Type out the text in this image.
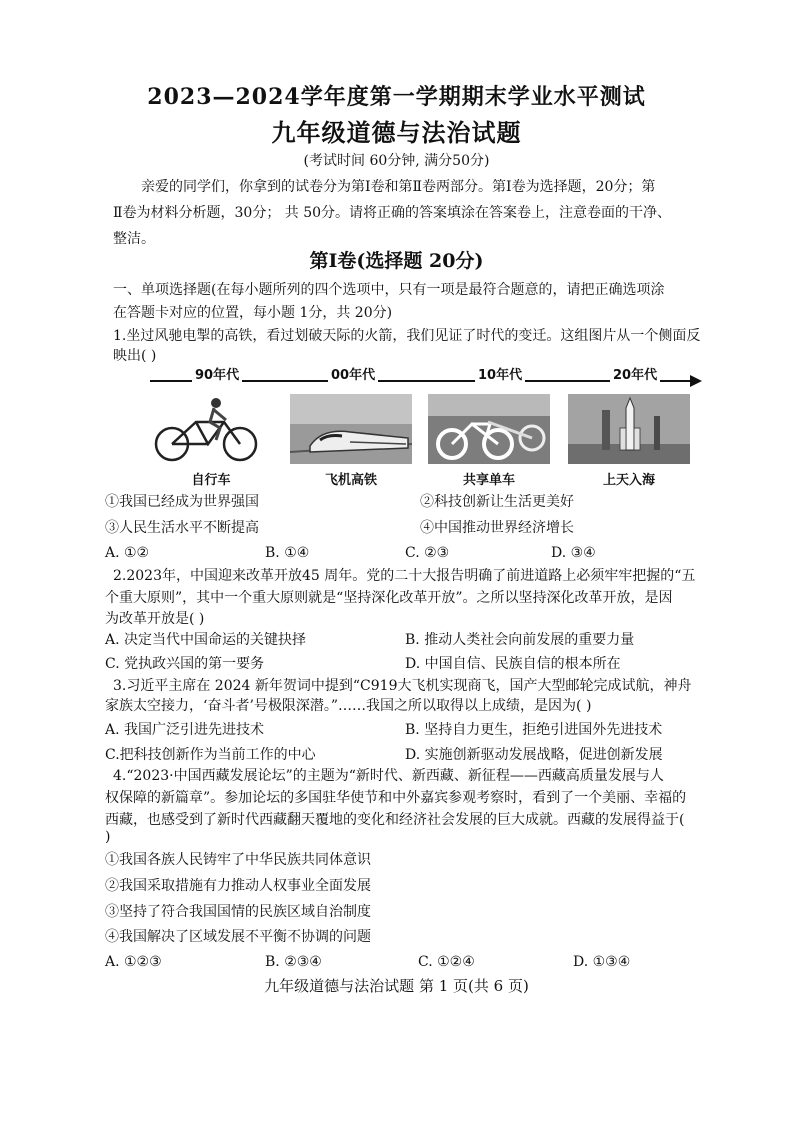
2023—2024学年度第一学期期末学业水平测试
九年级道德与法治试题
(考试时间 60分钟, 满分50分)
亲爱的同学们，你拿到的试卷分为第Ⅰ卷和第Ⅱ卷两部分。第Ⅰ卷为选择题，20分；第
Ⅱ卷为材料分析题，30分； 共 50分。请将正确的答案填涂在答案卷上，注意卷面的干净、
整洁。
第Ⅰ卷(选择题 20分)
一、单项选择题(在每小题所列的四个选项中，只有一项是最符合题意的，请把正确选项涂
在答题卡对应的位置，每小题 1分，共 20分)
1.坐过风驰电掣的高铁，看过划破天际的火箭，我们见证了时代的变迁。这组图片从一个侧面反
映出( )
90年代	00年代	10年代	20年代
自行车	飞机高铁	共享单车	上天入海
①我国已经成为世界强国	②科技创新让生活更美好
③人民生活水平不断提高	④中国推动世界经济增长
A. ①②	B. ①④	C. ②③	D. ③④
2.2023年，中国迎来改革开放45 周年。党的二十大报告明确了前进道路上必须牢牢把握的“五
个重大原则”，其中一个重大原则就是“坚持深化改革开放”。之所以坚持深化改革开放，是因
为改革开放是( )
A. 决定当代中国命运的关键抉择	B. 推动人类社会向前发展的重要力量
C. 党执政兴国的第一要务	D. 中国自信、民族自信的根本所在
3.习近平主席在 2024 新年贺词中提到“C919大飞机实现商飞，国产大型邮轮完成试航，神舟
家族太空接力，‘奋斗者’号极限深潜。”……我国之所以取得以上成绩，是因为( )
A. 我国广泛引进先进技术	B. 坚持自力更生，拒绝引进国外先进技术
C.把科技创新作为当前工作的中心	D. 实施创新驱动发展战略，促进创新发展
4.“2023·中国西藏发展论坛”的主题为“新时代、新西藏、新征程——西藏高质量发展与人
权保障的新篇章”。参加论坛的多国驻华使节和中外嘉宾参观考察时，看到了一个美丽、幸福的
西藏，也感受到了新时代西藏翻天覆地的变化和经济社会发展的巨大成就。西藏的发展得益于(
)
①我国各族人民铸牢了中华民族共同体意识
②我国采取措施有力推动人权事业全面发展
③坚持了符合我国国情的民族区域自治制度
④我国解决了区域发展不平衡不协调的问题
A. ①②③	B. ②③④	C. ①②④	D. ①③④
九年级道德与法治试题 第 1 页(共 6 页)
